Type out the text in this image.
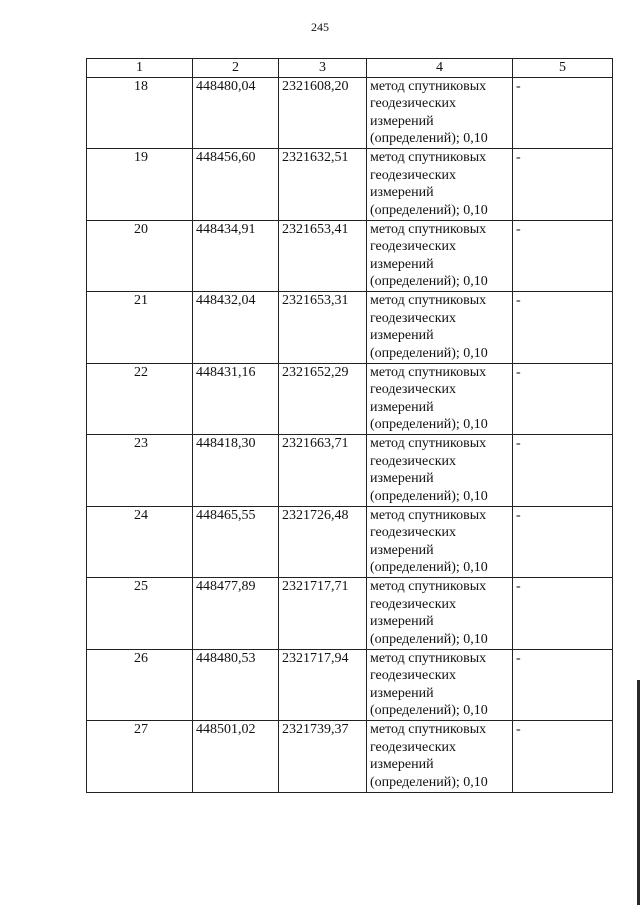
245
1	2	3	4	5
18	448480,04	2321608,20	метод спутниковых геодезических измерений (определений); 0,10	-
19	448456,60	2321632,51	метод спутниковых геодезических измерений (определений); 0,10	-
20	448434,91	2321653,41	метод спутниковых геодезических измерений (определений); 0,10	-
21	448432,04	2321653,31	метод спутниковых геодезических измерений (определений); 0,10	-
22	448431,16	2321652,29	метод спутниковых геодезических измерений (определений); 0,10	-
23	448418,30	2321663,71	метод спутниковых геодезических измерений (определений); 0,10	-
24	448465,55	2321726,48	метод спутниковых геодезических измерений (определений); 0,10	-
25	448477,89	2321717,71	метод спутниковых геодезических измерений (определений); 0,10	-
26	448480,53	2321717,94	метод спутниковых геодезических измерений (определений); 0,10	-
27	448501,02	2321739,37	метод спутниковых геодезических измерений (определений); 0,10	-
